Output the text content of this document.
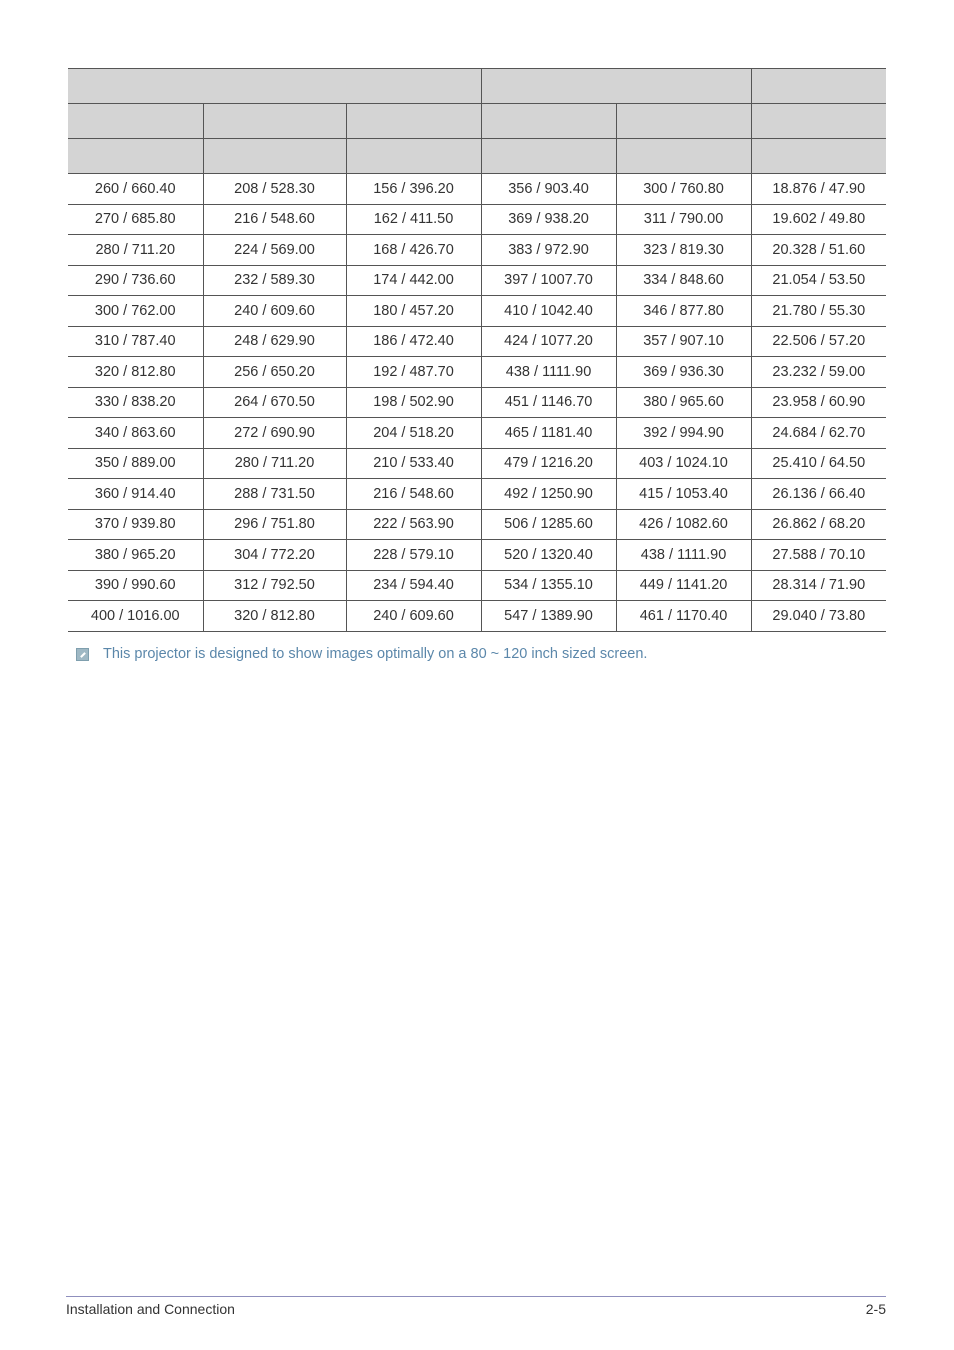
260 / 660.40	208 / 528.30	156 / 396.20	356 / 903.40	300 / 760.80	18.876 / 47.90
270 / 685.80	216 / 548.60	162 / 411.50	369 / 938.20	311 / 790.00	19.602 / 49.80
280 / 711.20	224 / 569.00	168 / 426.70	383 / 972.90	323 / 819.30	20.328 / 51.60
290 / 736.60	232 / 589.30	174 / 442.00	397 / 1007.70	334 / 848.60	21.054 / 53.50
300 / 762.00	240 / 609.60	180 / 457.20	410 / 1042.40	346 / 877.80	21.780 / 55.30
310 / 787.40	248 / 629.90	186 / 472.40	424 / 1077.20	357 / 907.10	22.506 / 57.20
320 / 812.80	256 / 650.20	192 / 487.70	438 / 1111.90	369 / 936.30	23.232 / 59.00
330 / 838.20	264 / 670.50	198 / 502.90	451 / 1146.70	380 / 965.60	23.958 / 60.90
340 / 863.60	272 / 690.90	204 / 518.20	465 / 1181.40	392 / 994.90	24.684 / 62.70
350 / 889.00	280 / 711.20	210 / 533.40	479 / 1216.20	403 / 1024.10	25.410 / 64.50
360 / 914.40	288 / 731.50	216 / 548.60	492 / 1250.90	415 / 1053.40	26.136 / 66.40
370 / 939.80	296 / 751.80	222 / 563.90	506 / 1285.60	426 / 1082.60	26.862 / 68.20
380 / 965.20	304 / 772.20	228 / 579.10	520 / 1320.40	438 / 1111.90	27.588 / 70.10
390 / 990.60	312 / 792.50	234 / 594.40	534 / 1355.10	449 / 1141.20	28.314 / 71.90
400 / 1016.00	320 / 812.80	240 / 609.60	547 / 1389.90	461 / 1170.40	29.040 / 73.80
This projector is designed to show images optimally on a 80 ~ 120 inch sized screen.
Installation and Connection	2-5
